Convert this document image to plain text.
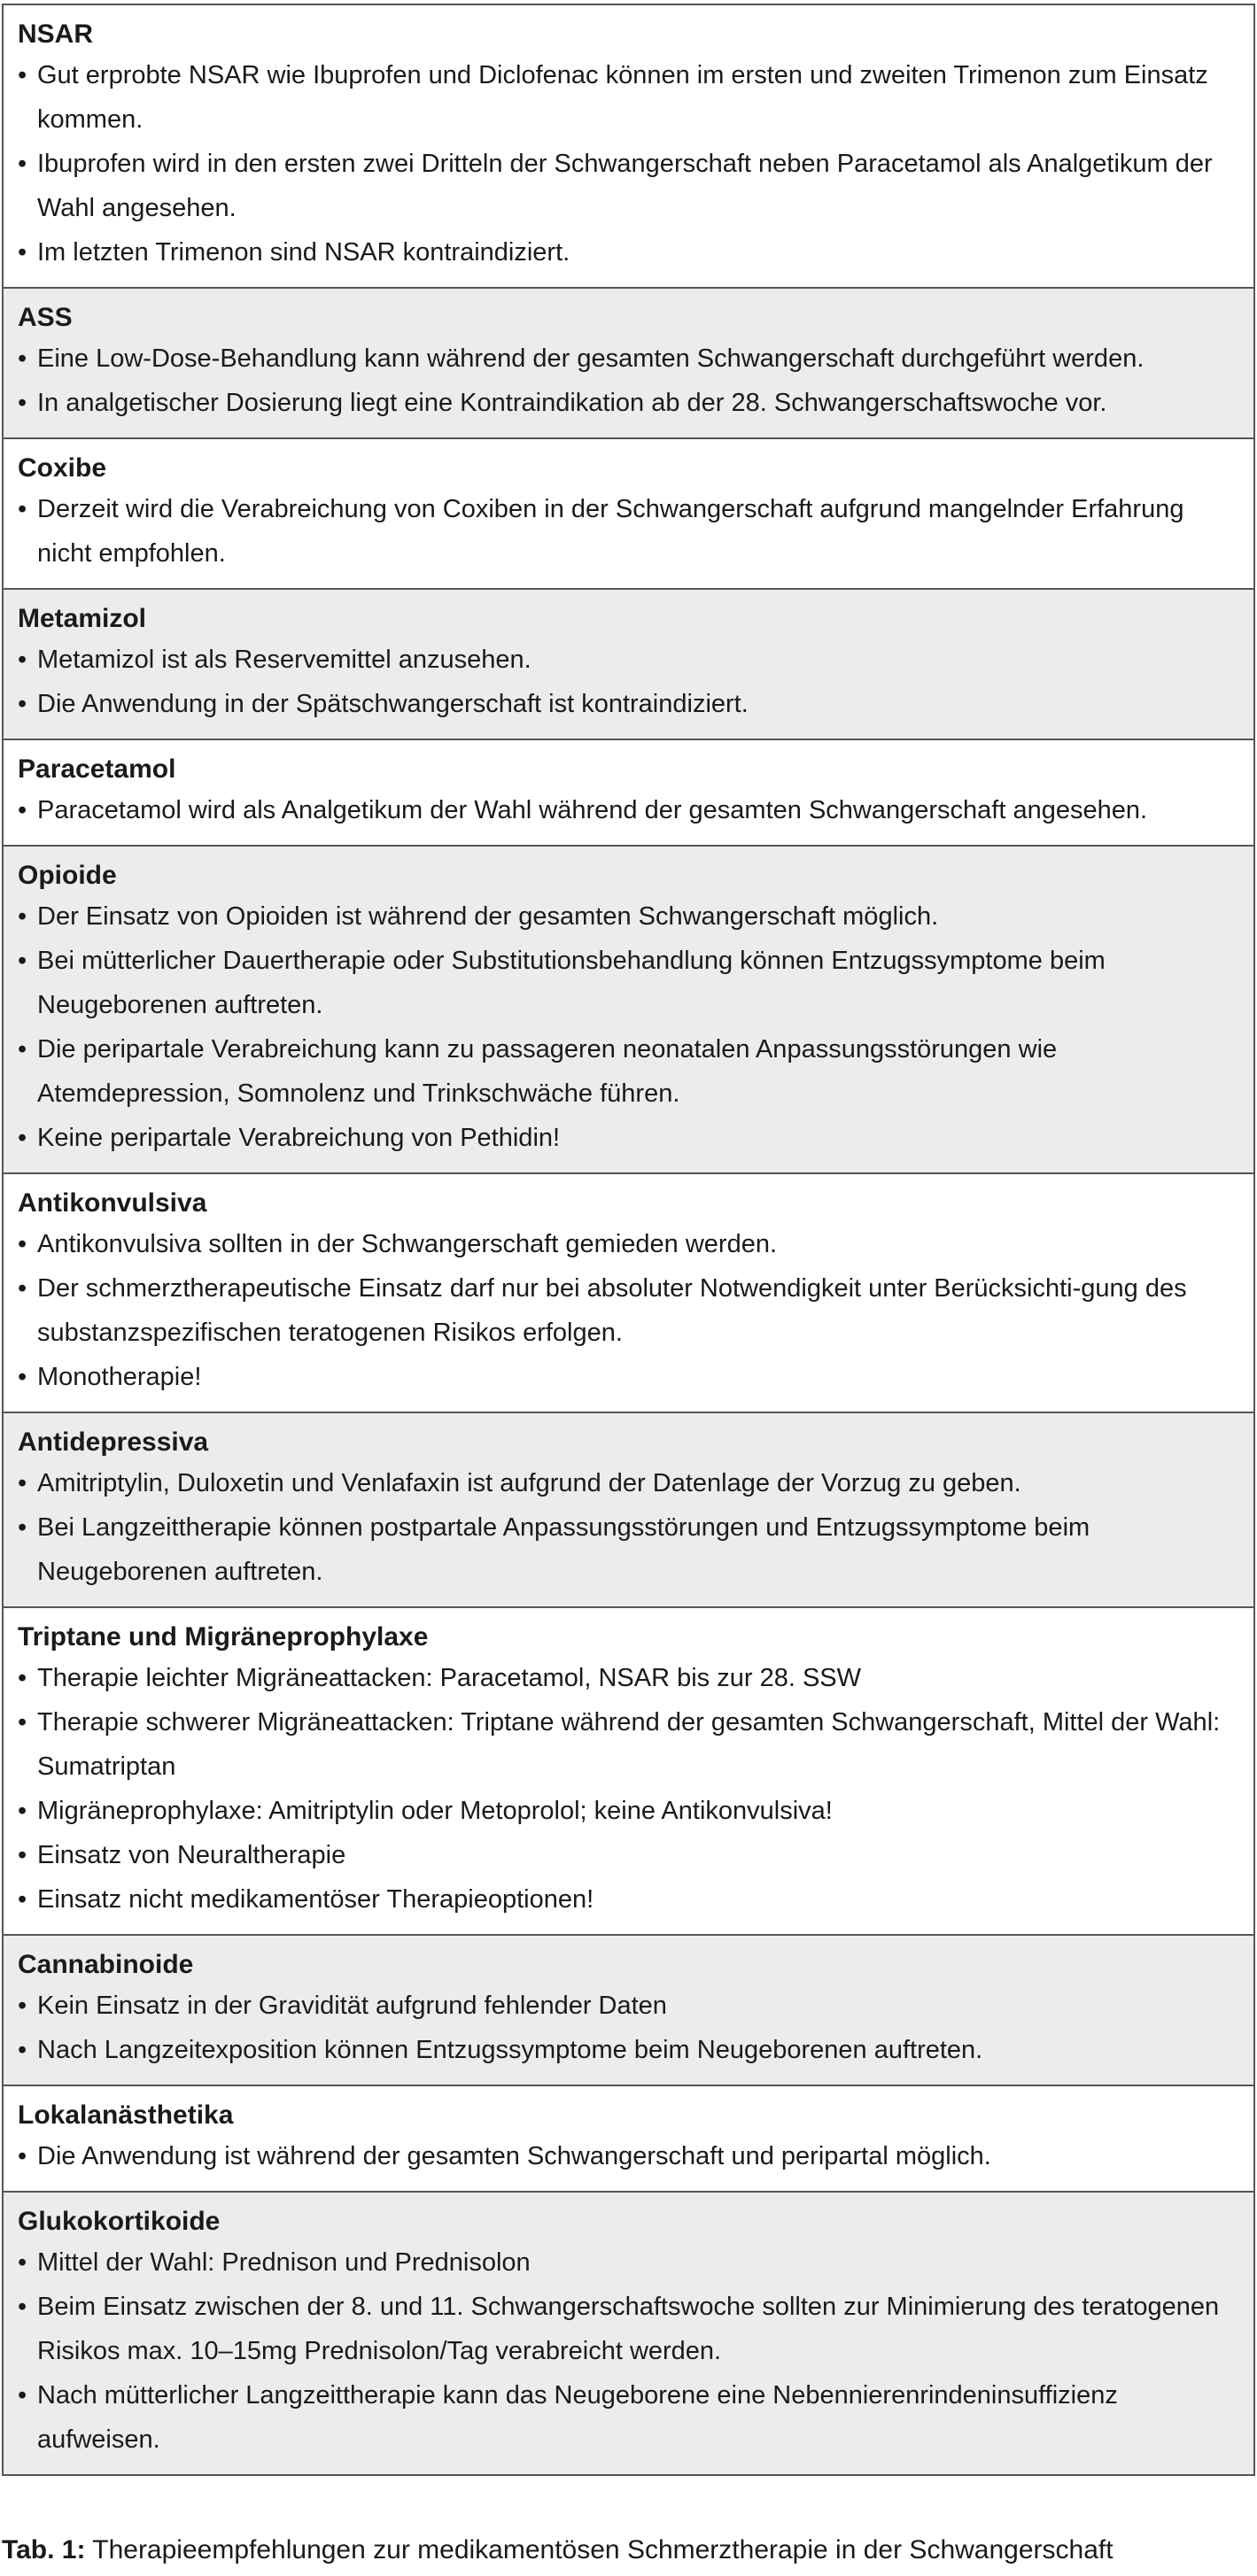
NSAR
• Gut erprobte NSAR wie Ibuprofen und Diclofenac können im ersten und zweiten Trimenon zum Einsatz kommen.
• Ibuprofen wird in den ersten zwei Dritteln der Schwangerschaft neben Paracetamol als Analgetikum der Wahl angesehen.
• Im letzten Trimenon sind NSAR kontraindiziert.
ASS
• Eine Low-Dose-Behandlung kann während der gesamten Schwangerschaft durchgeführt werden.
• In analgetischer Dosierung liegt eine Kontraindikation ab der 28. Schwangerschaftswoche vor.
Coxibe
• Derzeit wird die Verabreichung von Coxiben in der Schwangerschaft aufgrund mangelnder Erfahrung nicht empfohlen.
Metamizol
• Metamizol ist als Reservemittel anzusehen.
• Die Anwendung in der Spätschwangerschaft ist kontraindiziert.
Paracetamol
• Paracetamol wird als Analgetikum der Wahl während der gesamten Schwangerschaft angesehen.
Opioide
• Der Einsatz von Opioiden ist während der gesamten Schwangerschaft möglich.
• Bei mütterlicher Dauertherapie oder Substitutionsbehandlung können Entzugssymptome beim Neugeborenen auftreten.
• Die peripartale Verabreichung kann zu passageren neonatalen Anpassungsstörungen wie Atemdepression, Somnolenz und Trinkschwäche führen.
• Keine peripartale Verabreichung von Pethidin!
Antikonvulsiva
• Antikonvulsiva sollten in der Schwangerschaft gemieden werden.
• Der schmerztherapeutische Einsatz darf nur bei absoluter Notwendigkeit unter Berücksichti-gung des substanzspezifischen teratogenen Risikos erfolgen.
• Monotherapie!
Antidepressiva
• Amitriptylin, Duloxetin und Venlafaxin ist aufgrund der Datenlage der Vorzug zu geben.
• Bei Langzeittherapie können postpartale Anpassungsstörungen und Entzugssymptome beim Neugeborenen auftreten.
Triptane und Migräneprophylaxe
• Therapie leichter Migräneattacken: Paracetamol, NSAR bis zur 28. SSW
• Therapie schwerer Migräneattacken: Triptane während der gesamten Schwangerschaft, Mittel der Wahl: Sumatriptan
• Migräneprophylaxe: Amitriptylin oder Metoprolol; keine Antikonvulsiva!
• Einsatz von Neuraltherapie
• Einsatz nicht medikamentöser Therapieoptionen!
Cannabinoide
• Kein Einsatz in der Gravidität aufgrund fehlender Daten
• Nach Langzeitexposition können Entzugssymptome beim Neugeborenen auftreten.
Lokalanästhetika
• Die Anwendung ist während der gesamten Schwangerschaft und peripartal möglich.
Glukokortikoide
• Mittel der Wahl: Prednison und Prednisolon
• Beim Einsatz zwischen der 8. und 11. Schwangerschaftswoche sollten zur Minimierung des teratogenen Risikos max. 10–15mg Prednisolon/Tag verabreicht werden.
• Nach mütterlicher Langzeittherapie kann das Neugeborene eine Nebennierenrindeninsuffizienz aufweisen.
Tab. 1: Therapieempfehlungen zur medikamentösen Schmerztherapie in der Schwangerschaft
